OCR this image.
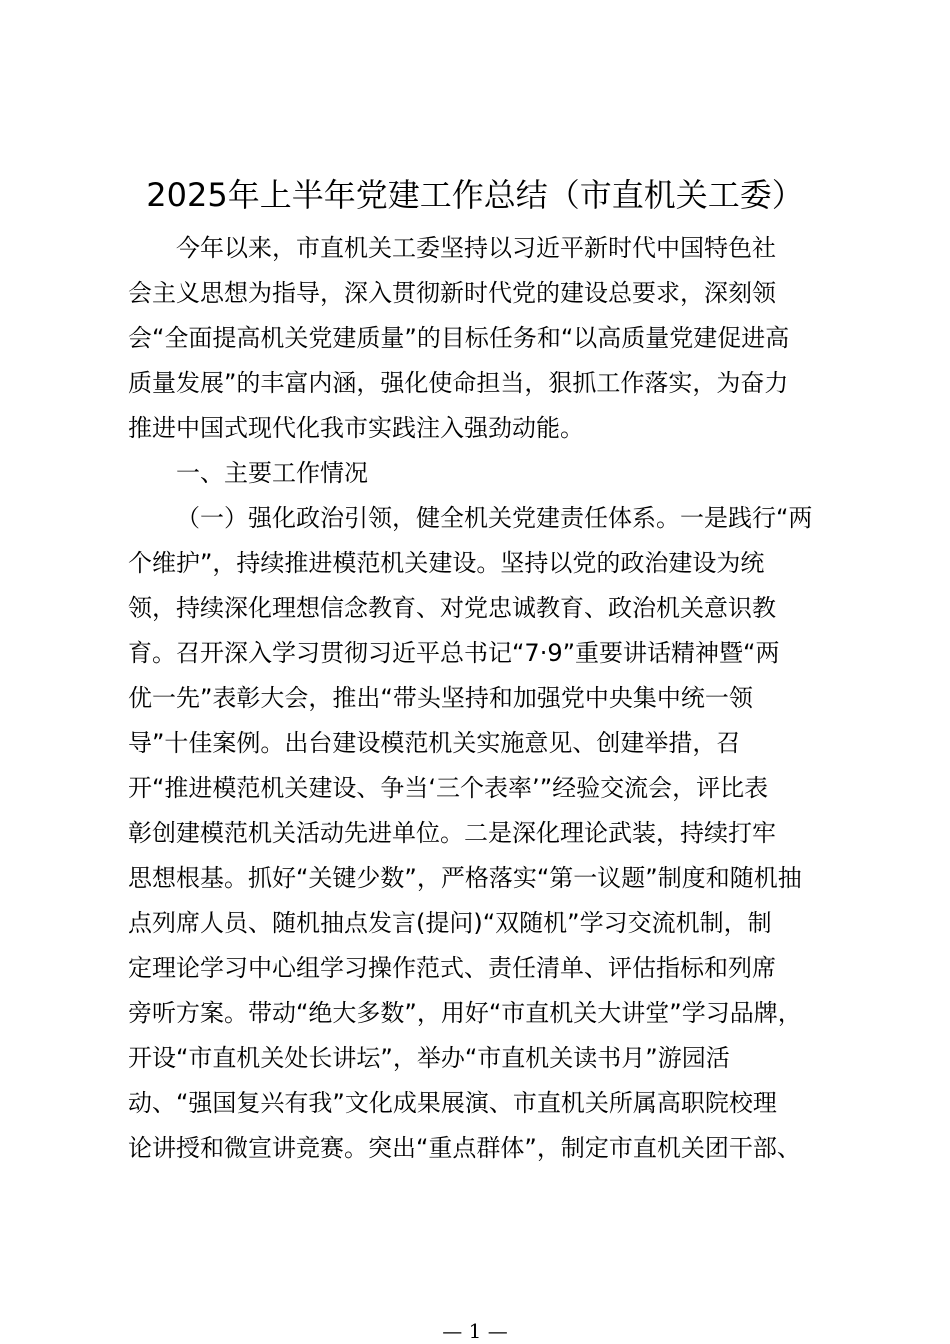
2025年上半年党建工作总结（市直机关工委）

今年以来，市直机关工委坚持以习近平新时代中国特色社
会主义思想为指导，深入贯彻新时代党的建设总要求，深刻领
会“全面提高机关党建质量”的目标任务和“以高质量党建促进高
质量发展”的丰富内涵，强化使命担当，狠抓工作落实，为奋力
推进中国式现代化我市实践注入强劲动能。

一、主要工作情况

（一）强化政治引领，健全机关党建责任体系。一是践行“两
个维护”，持续推进模范机关建设。坚持以党的政治建设为统
领，持续深化理想信念教育、对党忠诚教育、政治机关意识教
育。召开深入学习贯彻习近平总书记“7·9”重要讲话精神暨“两
优一先”表彰大会，推出“带头坚持和加强党中央集中统一领
导”十佳案例。出台建设模范机关实施意见、创建举措，召
开“推进模范机关建设、争当‘三个表率’”经验交流会，评比表
彰创建模范机关活动先进单位。二是深化理论武装，持续打牢
思想根基。抓好“关键少数”，严格落实“第一议题”制度和随机抽
点列席人员、随机抽点发言(提问)“双随机”学习交流机制，制
定理论学习中心组学习操作范式、责任清单、评估指标和列席
旁听方案。带动“绝大多数”，用好“市直机关大讲堂”学习品牌，
开设“市直机关处长讲坛”，举办“市直机关读书月”游园活
动、“强国复兴有我”文化成果展演、市直机关所属高职院校理
论讲授和微宣讲竞赛。突出“重点群体”，制定市直机关团干部、

— 1 —
